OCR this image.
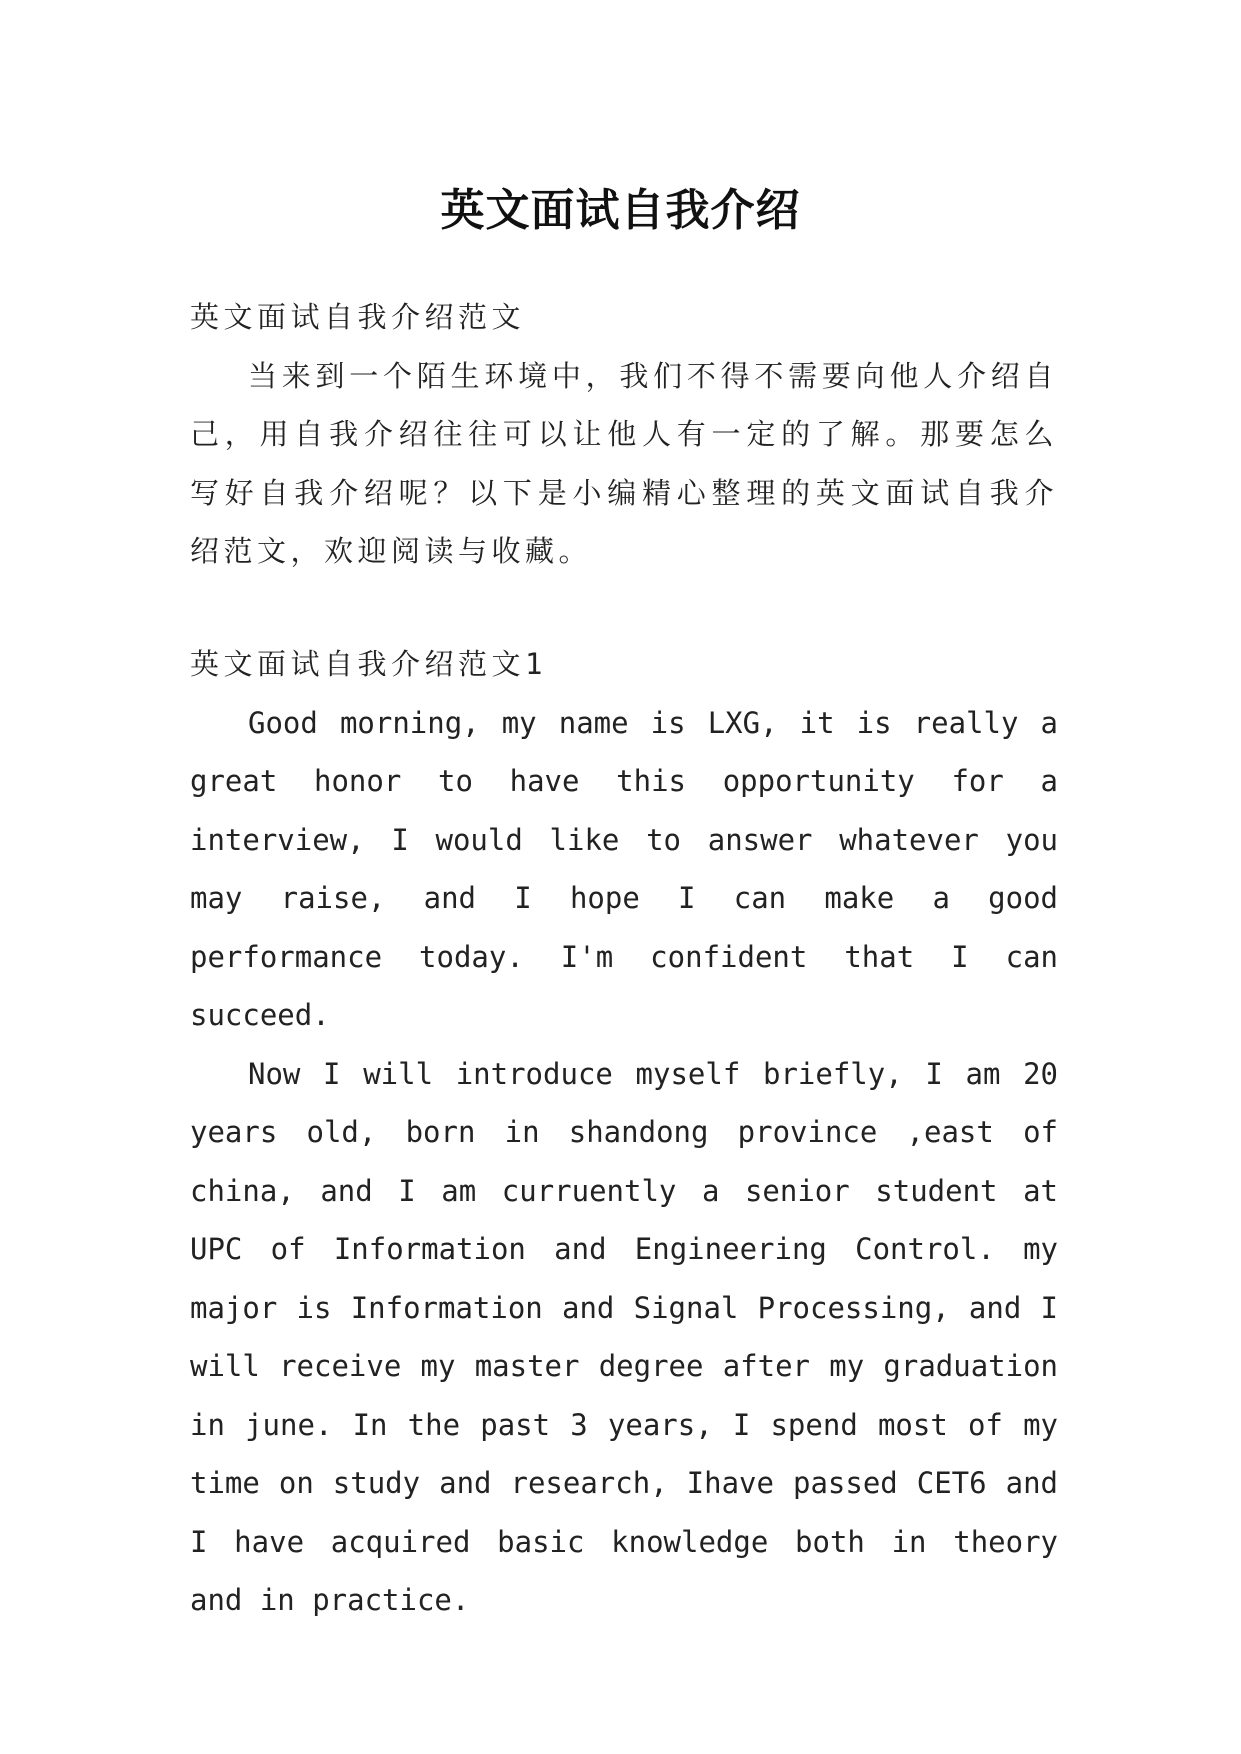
英文面试自我介绍

英文面试自我介绍范文

当来到一个陌生环境中，我们不得不需要向他人介绍自己，用自我介绍往往可以让他人有一定的了解。那要怎么写好自我介绍呢？以下是小编精心整理的英文面试自我介绍范文，欢迎阅读与收藏。

英文面试自我介绍范文1

Good morning, my name is LXG, it is really a great honor to have this opportunity for a interview, I would like to answer whatever you may raise, and I hope I can make a good performance today. I'm confident that I can succeed.

Now I will introduce myself briefly, I am 20 years old, born in shandong province ,east of china, and I am curruently a senior student at UPC of Information and Engineering Control. my major is Information and Signal Processing, and I will receive my master degree after my graduation in june. In the past 3 years, I spend most of my time on study and research, Ihave passed CET6 and I have acquired basic knowledge both in theory and in practice.
